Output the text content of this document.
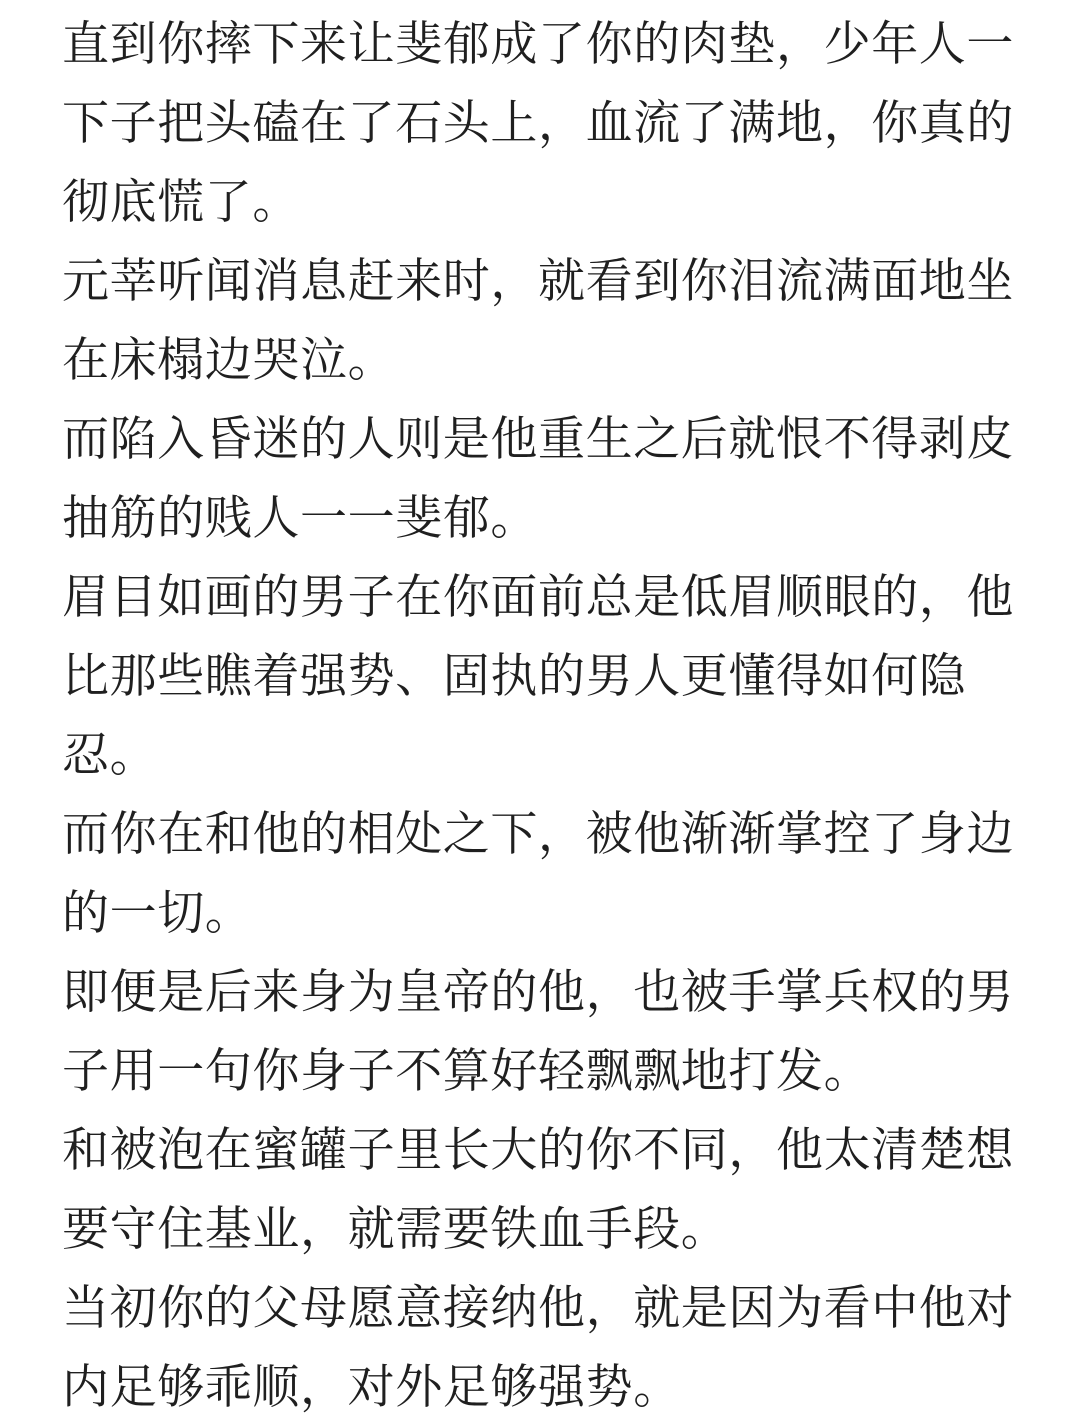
直到你摔下来让斐郁成了你的肉垫，少年人一下子把头磕在了石头上，血流了满地，你真的彻底慌了。

元莘听闻消息赶来时，就看到你泪流满面地坐在床榻边哭泣。

而陷入昏迷的人则是他重生之后就恨不得剥皮抽筋的贱人一一斐郁。

眉目如画的男子在你面前总是低眉顺眼的，他比那些瞧着强势、固执的男人更懂得如何隐忍。

而你在和他的相处之下，被他渐渐掌控了身边的一切。

即便是后来身为皇帝的他，也被手掌兵权的男子用一句你身子不算好轻飘飘地打发。

和被泡在蜜罐子里长大的你不同，他太清楚想要守住基业，就需要铁血手段。

当初你的父母愿意接纳他，就是因为看中他对内足够乖顺，对外足够强势。
